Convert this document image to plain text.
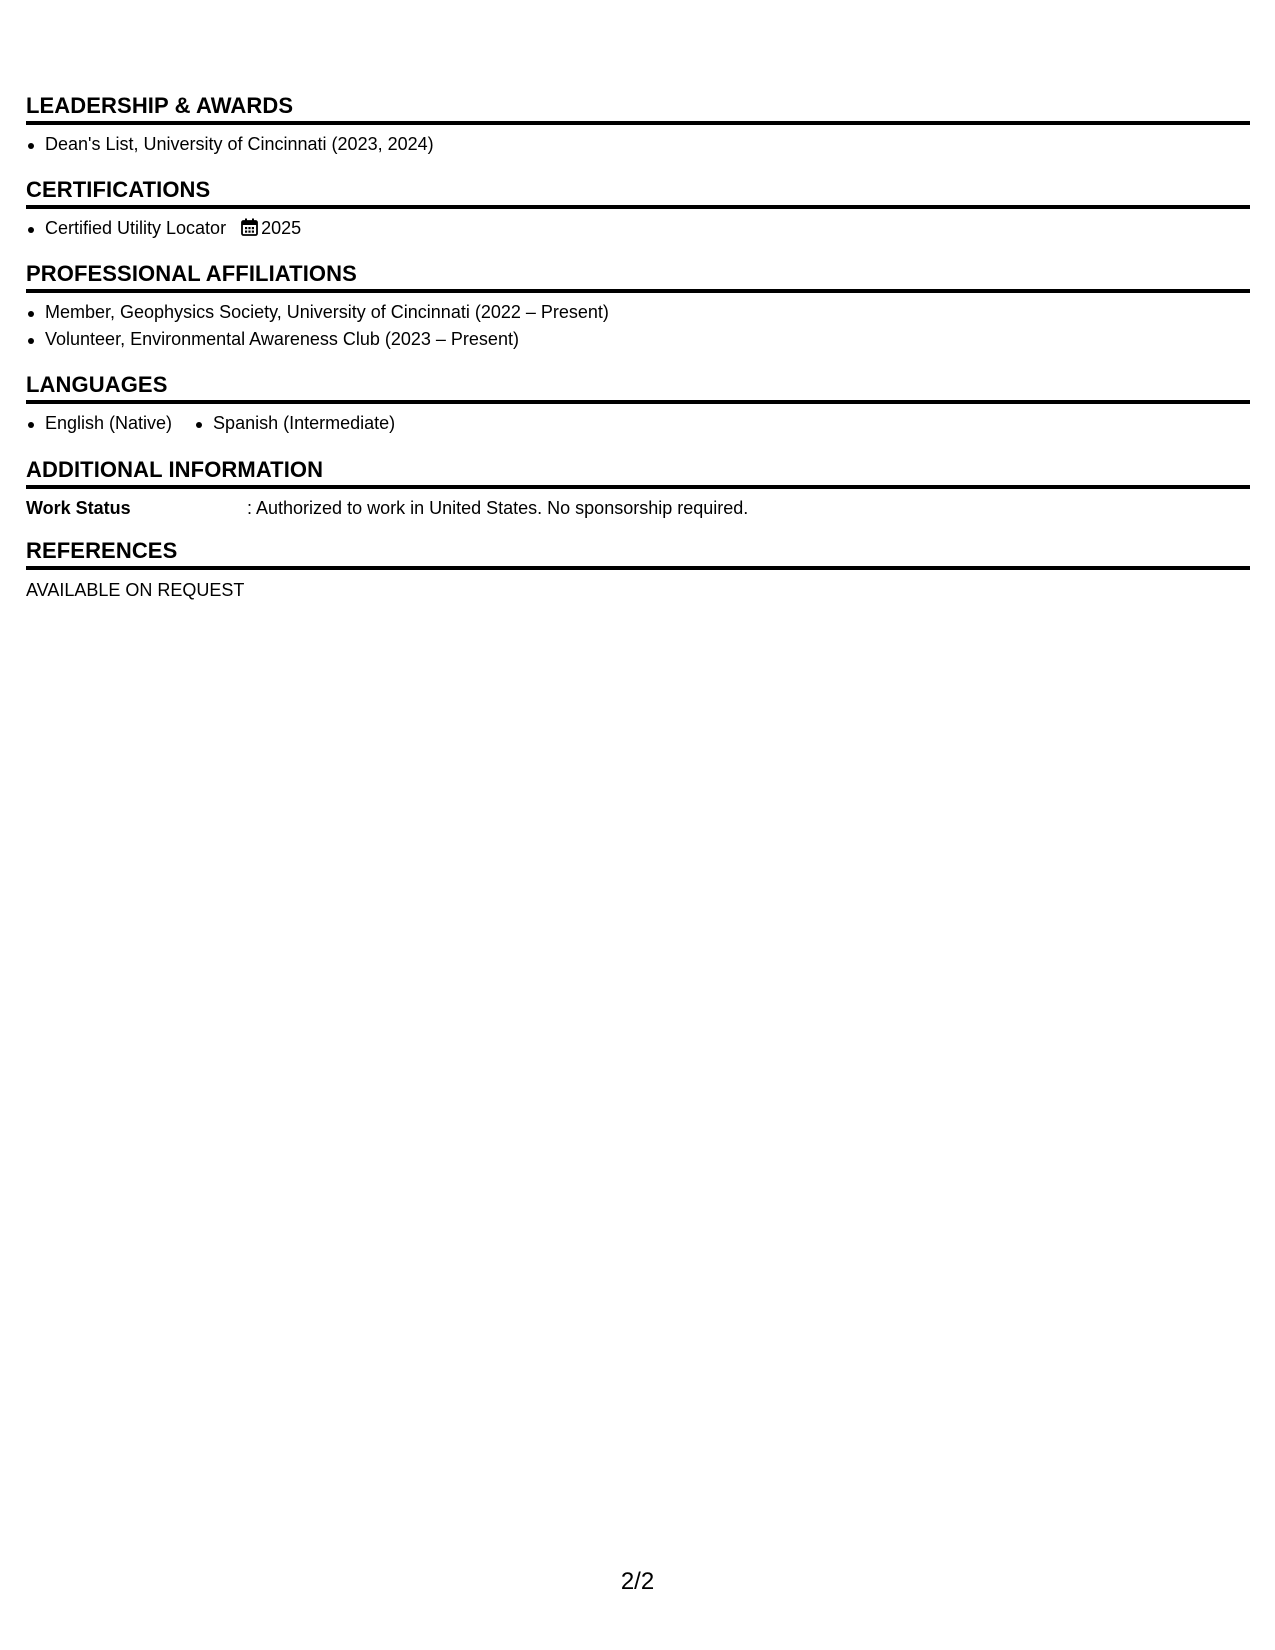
LEADERSHIP & AWARDS
Dean's List, University of Cincinnati (2023, 2024)
CERTIFICATIONS
Certified Utility Locator 2025
PROFESSIONAL AFFILIATIONS
Member, Geophysics Society, University of Cincinnati (2022 – Present)
Volunteer, Environmental Awareness Club (2023 – Present)
LANGUAGES
English (Native)	Spanish (Intermediate)
ADDITIONAL INFORMATION
Work Status	: Authorized to work in United States. No sponsorship required.
REFERENCES
AVAILABLE ON REQUEST
2/2
